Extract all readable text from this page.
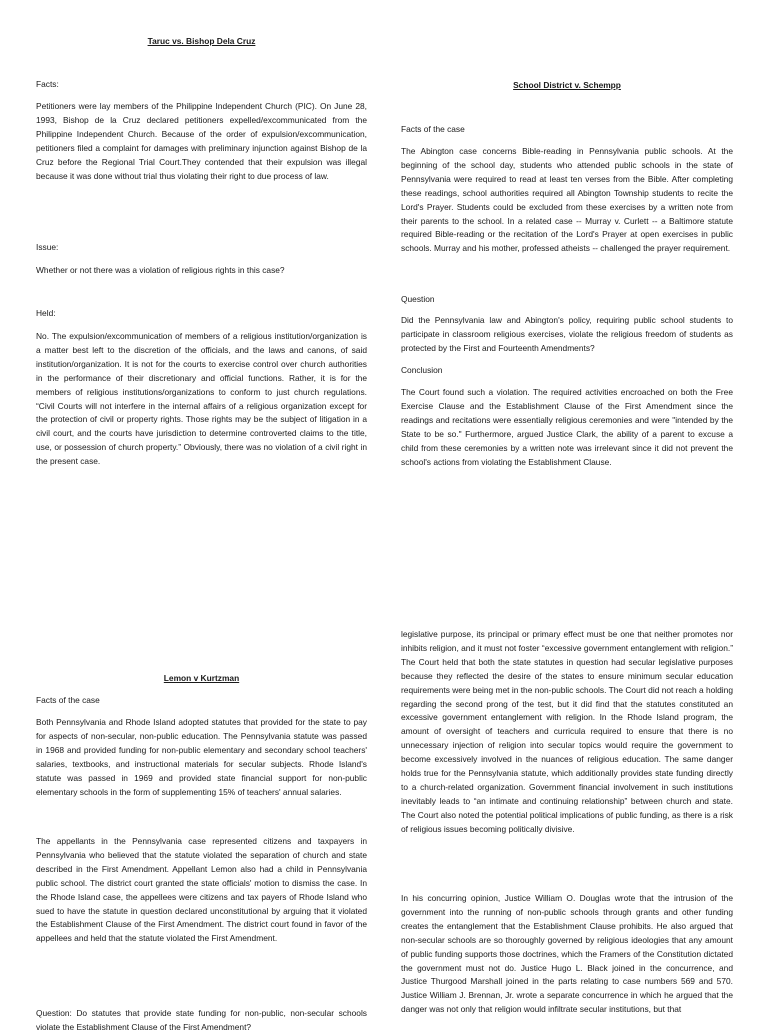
Taruc vs. Bishop Dela Cruz
Facts:

Petitioners were lay members of the Philippine Independent Church (PIC). On June 28, 1993, Bishop de la Cruz declared petitioners expelled/excommunicated from the Philippine Independent Church. Because of the order of expulsion/excommunication, petitioners filed a complaint for damages with preliminary injunction against Bishop de la Cruz before the Regional Trial Court.They contended that their expulsion was illegal because it was done without trial thus violating their right to due process of law.

Issue:

Whether or not there was a violation of religious rights in this case?

Held:

No. The expulsion/excommunication of members of a religious institution/organization is a matter best left to the discretion of the officials, and the laws and canons, of said institution/organization. It is not for the courts to exercise control over church authorities in the performance of their discretionary and official functions. Rather, it is for the members of religious institutions/organizations to conform to just church regulations. “Civil Courts will not interfere in the internal affairs of a religious organization except for the protection of civil or property rights. Those rights may be the subject of litigation in a civil court, and the courts have jurisdiction to determine controverted claims to the title, use, or possession of church property.” Obviously, there was no violation of a civil right in the present case.

School District v. Schempp
Facts of the case

The Abington case concerns Bible-reading in Pennsylvania public schools. At the beginning of the school day, students who attended public schools in the state of Pennsylvania were required to read at least ten verses from the Bible. After completing these readings, school authorities required all Abington Township students to recite the Lord's Prayer. Students could be excluded from these exercises by a written note from their parents to the school. In a related case -- Murray v. Curlett -- a Baltimore statute required Bible-reading or the recitation of the Lord's Prayer at open exercises in public schools. Murray and his mother, professed atheists -- challenged the prayer requirement.

Question

Did the Pennsylvania law and Abington's policy, requiring public school students to participate in classroom religious exercises, violate the religious freedom of students as protected by the First and Fourteenth Amendments?

Conclusion

The Court found such a violation. The required activities encroached on both the Free Exercise Clause and the Establishment Clause of the First Amendment since the readings and recitations were essentially religious ceremonies and were "intended by the State to be so." Furthermore, argued Justice Clark, the ability of a parent to excuse a child from these ceremonies by a written note was irrelevant since it did not prevent the school's actions from violating the Establishment Clause.

Lemon v Kurtzman
Facts of the case

Both Pennsylvania and Rhode Island adopted statutes that provided for the state to pay for aspects of non-secular, non-public education. The Pennsylvania statute was passed in 1968 and provided funding for non-public elementary and secondary school teachers' salaries, textbooks, and instructional materials for secular subjects. Rhode Island's statute was passed in 1969 and provided state financial support for non-public elementary schools in the form of supplementing 15% of teachers' annual salaries.

The appellants in the Pennsylvania case represented citizens and taxpayers in Pennsylvania who believed that the statute violated the separation of church and state described in the First Amendment. Appellant Lemon also had a child in Pennsylvania public school. The district court granted the state officials' motion to dismiss the case. In the Rhode Island case, the appellees were citizens and tax payers of Rhode Island who sued to have the statute in question declared unconstitutional by arguing that it violated the Establishment Clause of the First Amendment. The district court found in favor of the appellees and held that the statute violated the First Amendment.

Question: Do statutes that provide state funding for non-public, non-secular schools violate the Establishment Clause of the First Amendment?

legislative purpose, its principal or primary effect must be one that neither promotes nor inhibits religion, and it must not foster “excessive government entanglement with religion.” The Court held that both the state statutes in question had secular legislative purposes because they reflected the desire of the states to ensure minimum secular education requirements were being met in the non-public schools. The Court did not reach a holding regarding the second prong of the test, but it did find that the statutes constituted an excessive government entanglement with religion. In the Rhode Island program, the amount of oversight of teachers and curricula required to ensure that there is no unnecessary injection of religion into secular topics would require the government to become excessively involved in the nuances of religious education. The same danger holds true for the Pennsylvania statute, which additionally provides state funding directly to a church-related organization. Government financial involvement in such institutions inevitably leads to “an intimate and continuing relationship” between church and state. The Court also noted the potential political implications of public funding, as there is a risk of religious issues becoming politically divisive.

In his concurring opinion, Justice William O. Douglas wrote that the intrusion of the government into the running of non-public schools through grants and other funding creates the entanglement that the Establishment Clause prohibits. He also argued that non-secular schools are so thoroughly governed by religious ideologies that any amount of public funding supports those doctrines, which the Framers of the Constitution dictated the government must not do. Justice Hugo L. Black joined in the concurrence, and Justice Thurgood Marshall joined in the parts relating to case numbers 569 and 570. Justice William J. Brennan, Jr. wrote a separate concurrence in which he argued that the danger was not only that religion would infiltrate secular institutions, but that
